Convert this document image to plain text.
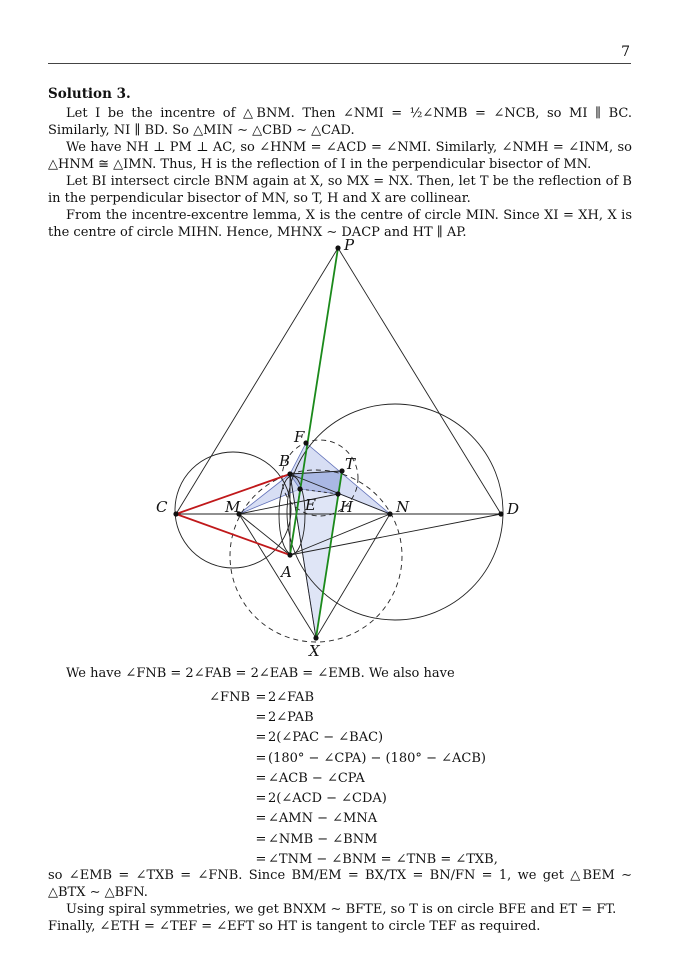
7
Solution 3.

Let I be the incentre of △BNM. Then ∠NMI = ½∠NMB = ∠NCB, so MI ∥ BC. Similarly, NI ∥ BD. So △MIN ∼ △CBD ∼ △CAD.

We have NH ⊥ PM ⊥ AC, so ∠HNM = ∠ACD = ∠NMI. Similarly, ∠NMH = ∠INM, so △HNM ≅ △IMN. Thus, H is the reflection of I in the perpendicular bisector of MN.

Let BI intersect circle BNM again at X, so MX = NX. Then, let T be the reflection of B in the perpendicular bisector of MN, so T, H and X are collinear.

From the incentre-excentre lemma, X is the centre of circle MIN. Since XI = XH, X is the centre of circle MIHN. Hence, MHNX ∼ DACP and HT ∥ AP.

P
F
B	T
C	M	E H	N	D
A
X
We have ∠FNB = 2∠FAB = 2∠EAB = ∠EMB. We also have
∠FNB = 2∠FAB
= 2∠PAB
= 2(∠PAC − ∠BAC)
= (180° − ∠CPA) − (180° − ∠ACB)
= ∠ACB − ∠CPA
= 2(∠ACD − ∠CDA)
= ∠AMN − ∠MNA
= ∠NMB − ∠BNM
= ∠TNM − ∠BNM = ∠TNB = ∠TXB,

so ∠EMB = ∠TXB = ∠FNB. Since BM/EM = BX/TX = BN/FN = 1, we get △BEM ∼ △BTX ∼ △BFN.

Using spiral symmetries, we get BNXM ∼ BFTE, so T is on circle BFE and ET = FT.

Finally, ∠ETH = ∠TEF = ∠EFT so HT is tangent to circle TEF as required.
